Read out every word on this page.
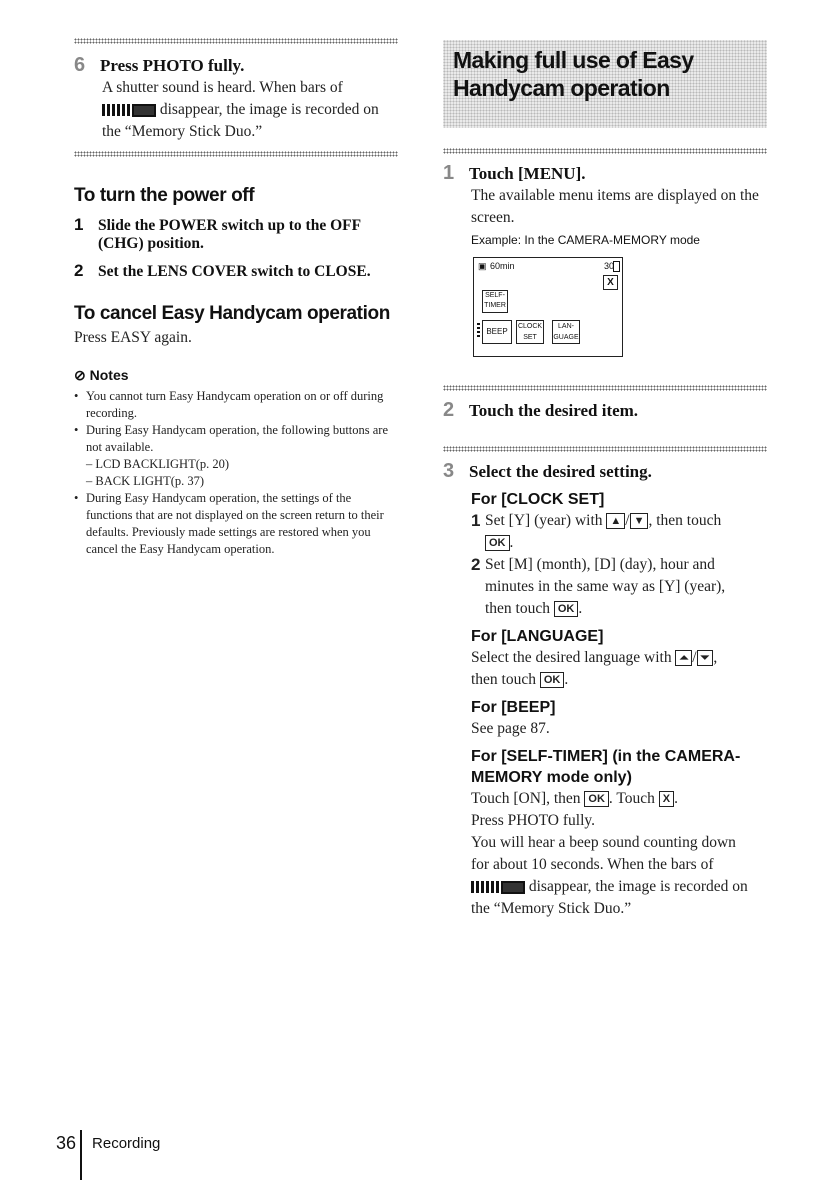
6 Press PHOTO fully.
A shutter sound is heard. When bars of
disappear, the image is recorded on
the “Memory Stick Duo.”
To turn the power off
1 Slide the POWER switch up to the OFF
(CHG) position.
2 Set the LENS COVER switch to CLOSE.
To cancel Easy Handycam operation
Press EASY again.
⊘ Notes
• You cannot turn Easy Handycam operation on or off during recording.
• During Easy Handycam operation, the following buttons are not available.
– LCD BACKLIGHT(p. 20)
– BACK LIGHT(p. 37)
• During Easy Handycam operation, the settings of the functions that are not displayed on the screen return to their defaults. Previously made settings are restored when you cancel the Easy Handycam operation.
Making full use of Easy Handycam operation
1 Touch [MENU].
The available menu items are displayed on the screen.
Example: In the CAMERA-MEMORY mode
▣ 60min	30
X
SELF-TIMER
BEEP
CLOCK SET
LAN-GUAGE
2 Touch the desired item.
3 Select the desired setting.
For [CLOCK SET]
1 Set [Y] (year) with ▲ / ▼ , then touch
OK .
2 Set [M] (month), [D] (day), hour and
minutes in the same way as [Y] (year),
then touch OK .
For [LANGUAGE]
Select the desired language with ⏶ / ⏷ ,
then touch OK .
For [BEEP]
See page 87.
For [SELF-TIMER] (in the CAMERA-
MEMORY mode only)
Touch [ON], then OK . Touch X .
Press PHOTO fully.
You will hear a beep sound counting down
for about 10 seconds. When the bars of
disappear, the image is recorded on
the “Memory Stick Duo.”
36 Recording
